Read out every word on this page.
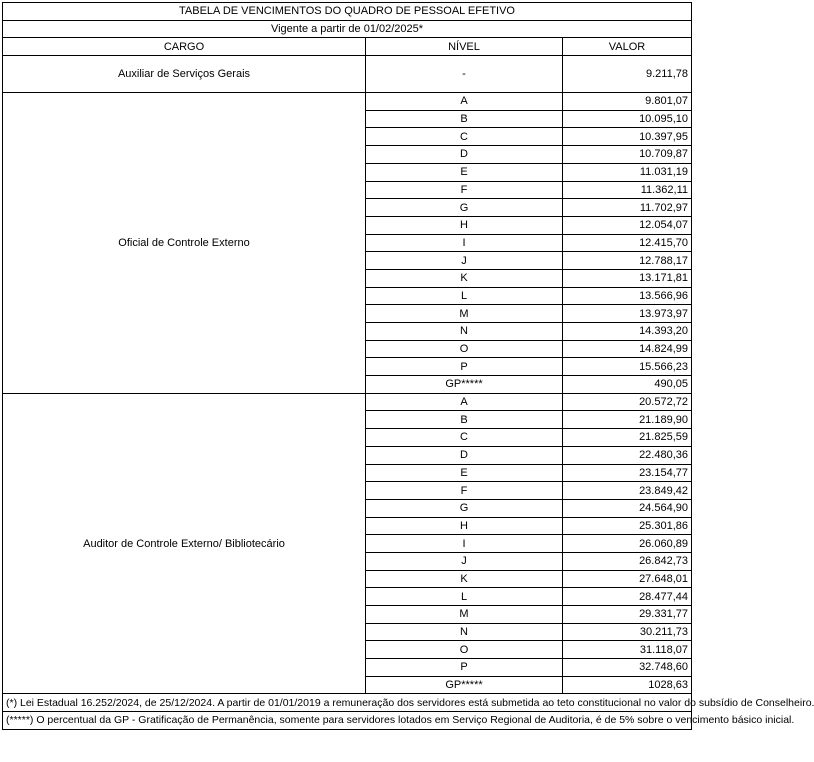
TABELA DE VENCIMENTOS DO QUADRO DE PESSOAL EFETIVO		
Vigente a partir de 01/02/2025*		
CARGO	NÍVEL	VALOR
Auxiliar de Serviços Gerais	-	9.211,78
Oficial de Controle Externo	A	9.801,07
	B	10.095,10
	C	10.397,95
	D	10.709,87
	E	11.031,19
	F	11.362,11
	G	11.702,97
	H	12.054,07
	I	12.415,70
	J	12.788,17
	K	13.171,81
	L	13.566,96
	M	13.973,97
	N	14.393,20
	O	14.824,99
	P	15.566,23
	GP*****	490,05
Auditor de Controle Externo/ Bibliotecário	A	20.572,72
	B	21.189,90
	C	21.825,59
	D	22.480,36
	E	23.154,77
	F	23.849,42
	G	24.564,90
	H	25.301,86
	I	26.060,89
	J	26.842,73
	K	27.648,01
	L	28.477,44
	M	29.331,77
	N	30.211,73
	O	31.118,07
	P	32.748,60
	GP*****	1028,63
(*) Lei Estadual 16.252/2024, de 25/12/2024. A partir de 01/01/2019 a remuneração dos servidores está submetida ao teto constitucional no valor do subsídio de Conselheiro.		
(*****) O percentual da GP - Gratificação de Permanência, somente para servidores lotados em Serviço Regional de Auditoria, é de 5% sobre o vencimento básico inicial.		
